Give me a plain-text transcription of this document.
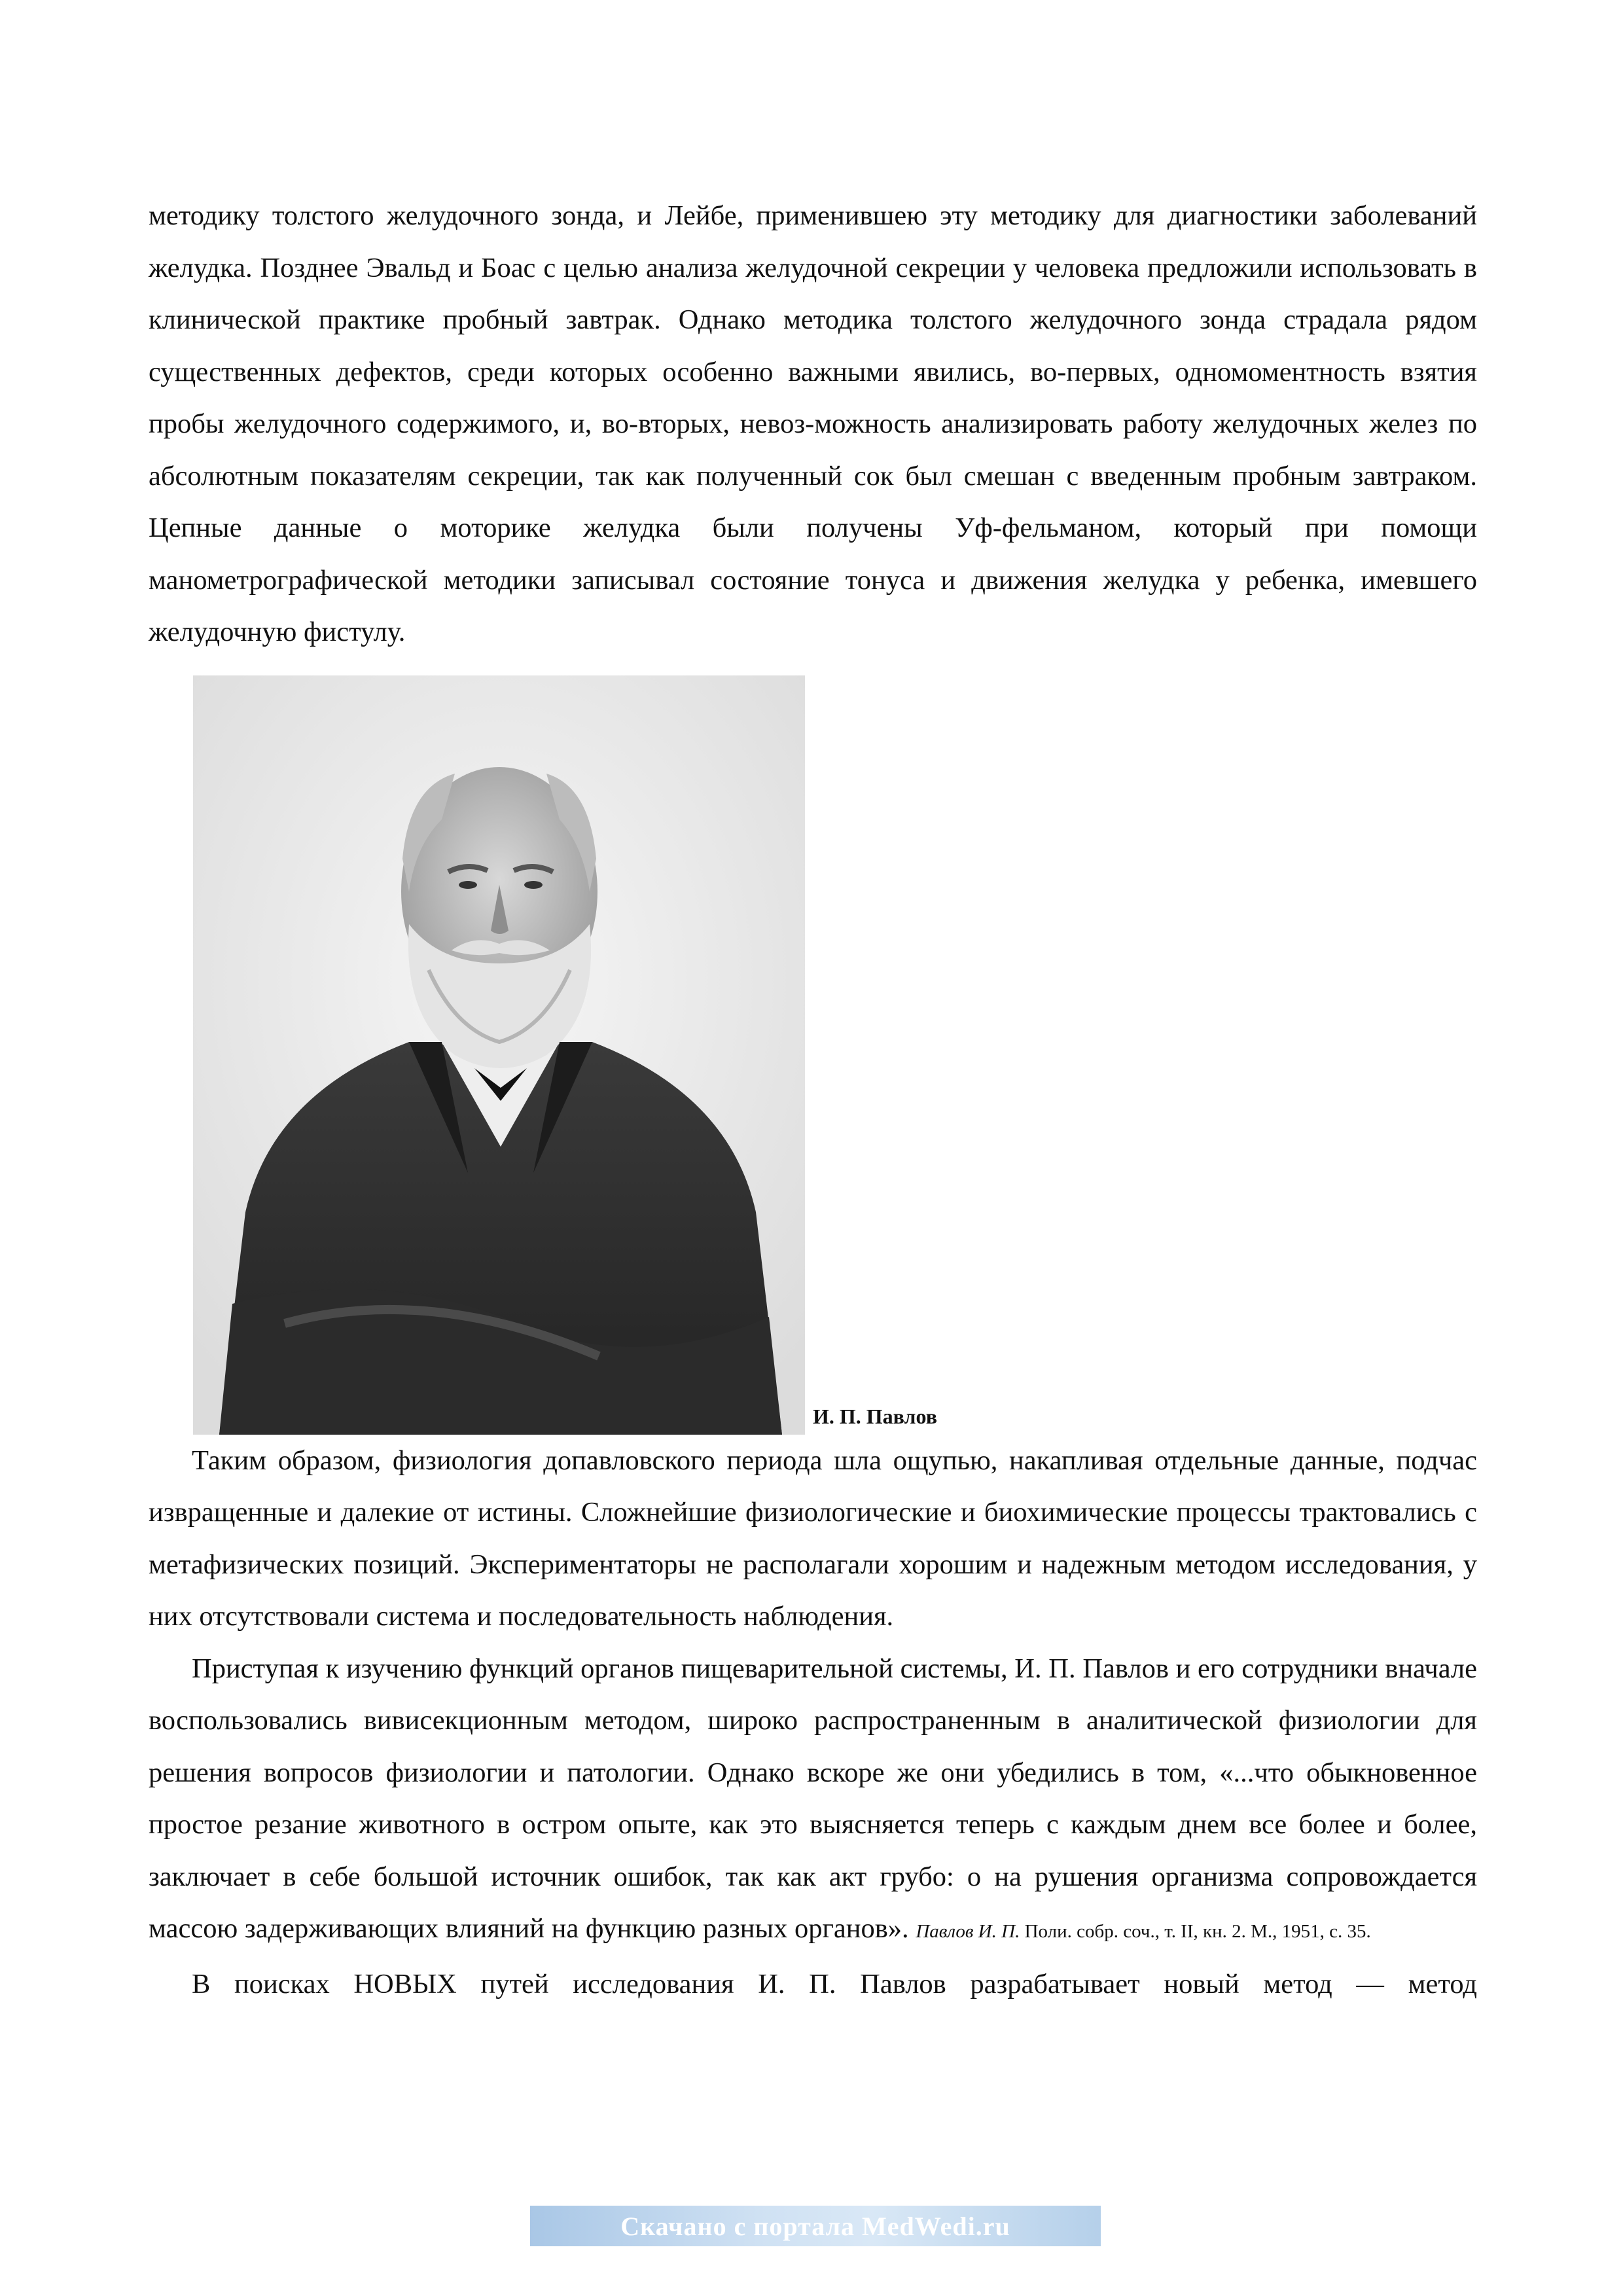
методику толстого желудочного зонда, и Лейбе, применившею эту методику для диагностики заболеваний желудка. Позднее Эвальд и Боас с целью анализа желудочной секреции у человека предложили использовать в клинической практике пробный завтрак. Однако методика толстого желудочного зонда страдала рядом существенных дефектов, среди которых особенно важными явились, во-первых, одномоментность взятия пробы желудочного содержимого, и, во-вторых, невоз-можность анализировать работу желудочных желез по абсолютным показателям секреции, так как полученный сок был смешан с введенным пробным завтраком. Цепные данные о моторике желудка были получены Уф-фельманом, который при помощи манометрографической методики записывал состояние тонуса и движения желудка у ребенка, имевшего желудочную фистулу.

И. П. Павлов

Таким образом, физиология допавловского периода шла ощупью, накапливая отдельные данные, подчас извращенные и далекие от истины. Сложнейшие физиологические и биохимические процессы трактовались с метафизических позиций. Экспериментаторы не располагали хорошим и надежным методом исследования, у них отсутствовали система и последовательность наблюдения.

Приступая к изучению функций органов пищеварительной системы, И. П. Павлов и его сотрудники вначале воспользовались вивисекционным методом, широко распространенным в аналитической физиологии для решения вопросов физиологии и патологии. Однако вскоре же они убедились в том, «...что обыкновенное простое резание животного в остром опыте, как это выясняется теперь с каждым днем все более и более, заключает в себе большой источник ошибок, так как акт грубо: о на рушения организма сопровождается массою задерживающих влияний на функцию разных органов». Павлов И. П. Поли. собр. соч., т. II, кн. 2. М., 1951, с. 35.

В поисках НОВЫХ путей исследования И. П. Павлов разрабатывает новый метод — метод

Скачано с портала MedWedi.ru
